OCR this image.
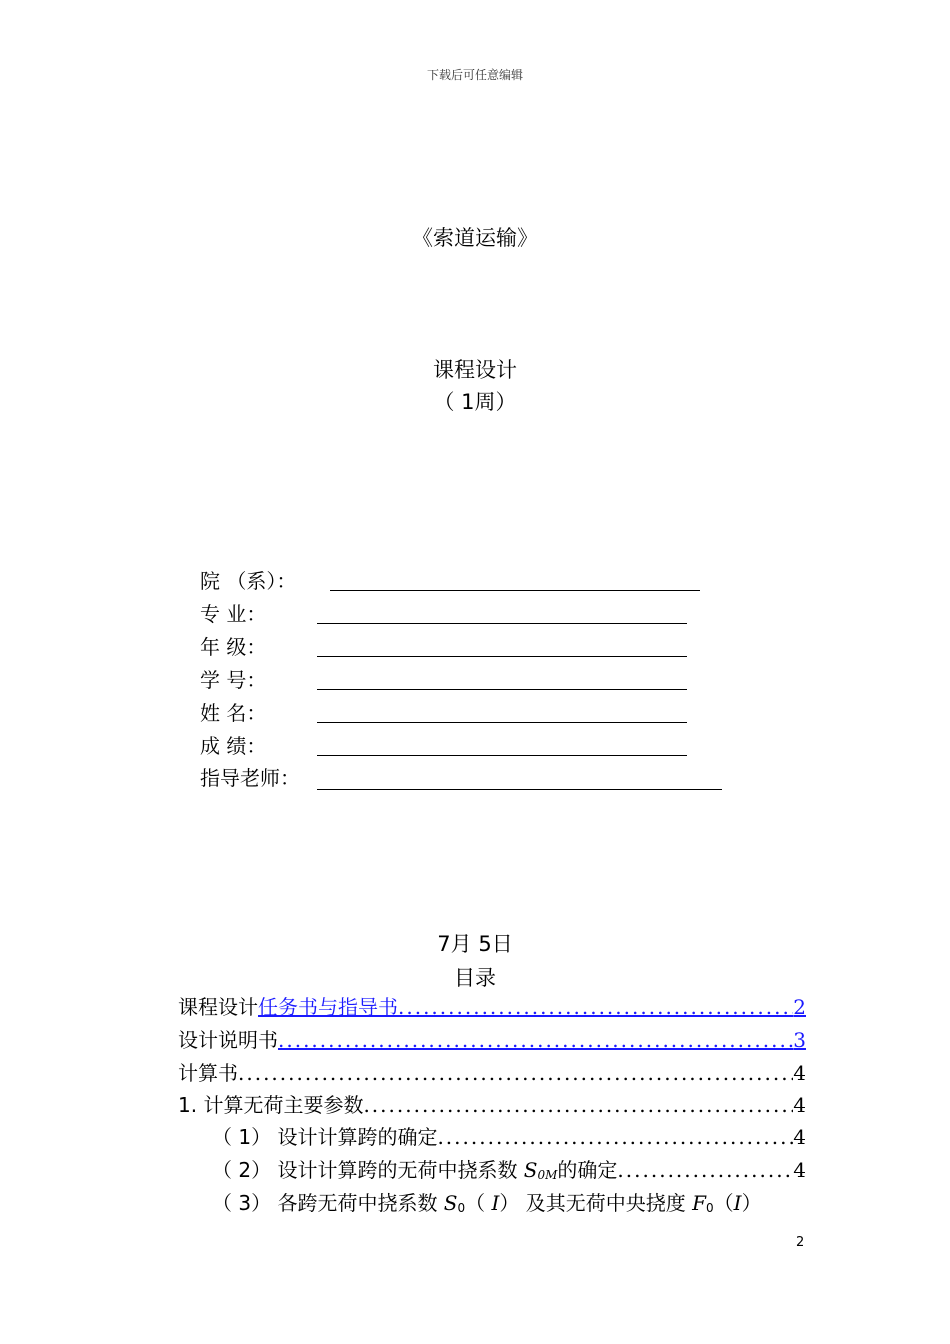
下载后可任意编辑
《索道运输》
课程设计
（ 1周）
院 （系）：
专 业：
年 级：
学 号：
姓 名：
成 绩：
指导老师：
7月 5日
目录
课程设计 任务书与指导书 .....	2
设计说明书 .....	3
计算书 .....	4
1. 计算无荷主要参数 .....	4
（ 1） 设计计算跨的确定 .....	4
（ 2） 设计计算跨的无荷中挠系数 S0M的确定 .....	4
（ 3） 各跨无荷中挠系数 S0（ I） 及其无荷中央挠度 F0（I）
2
